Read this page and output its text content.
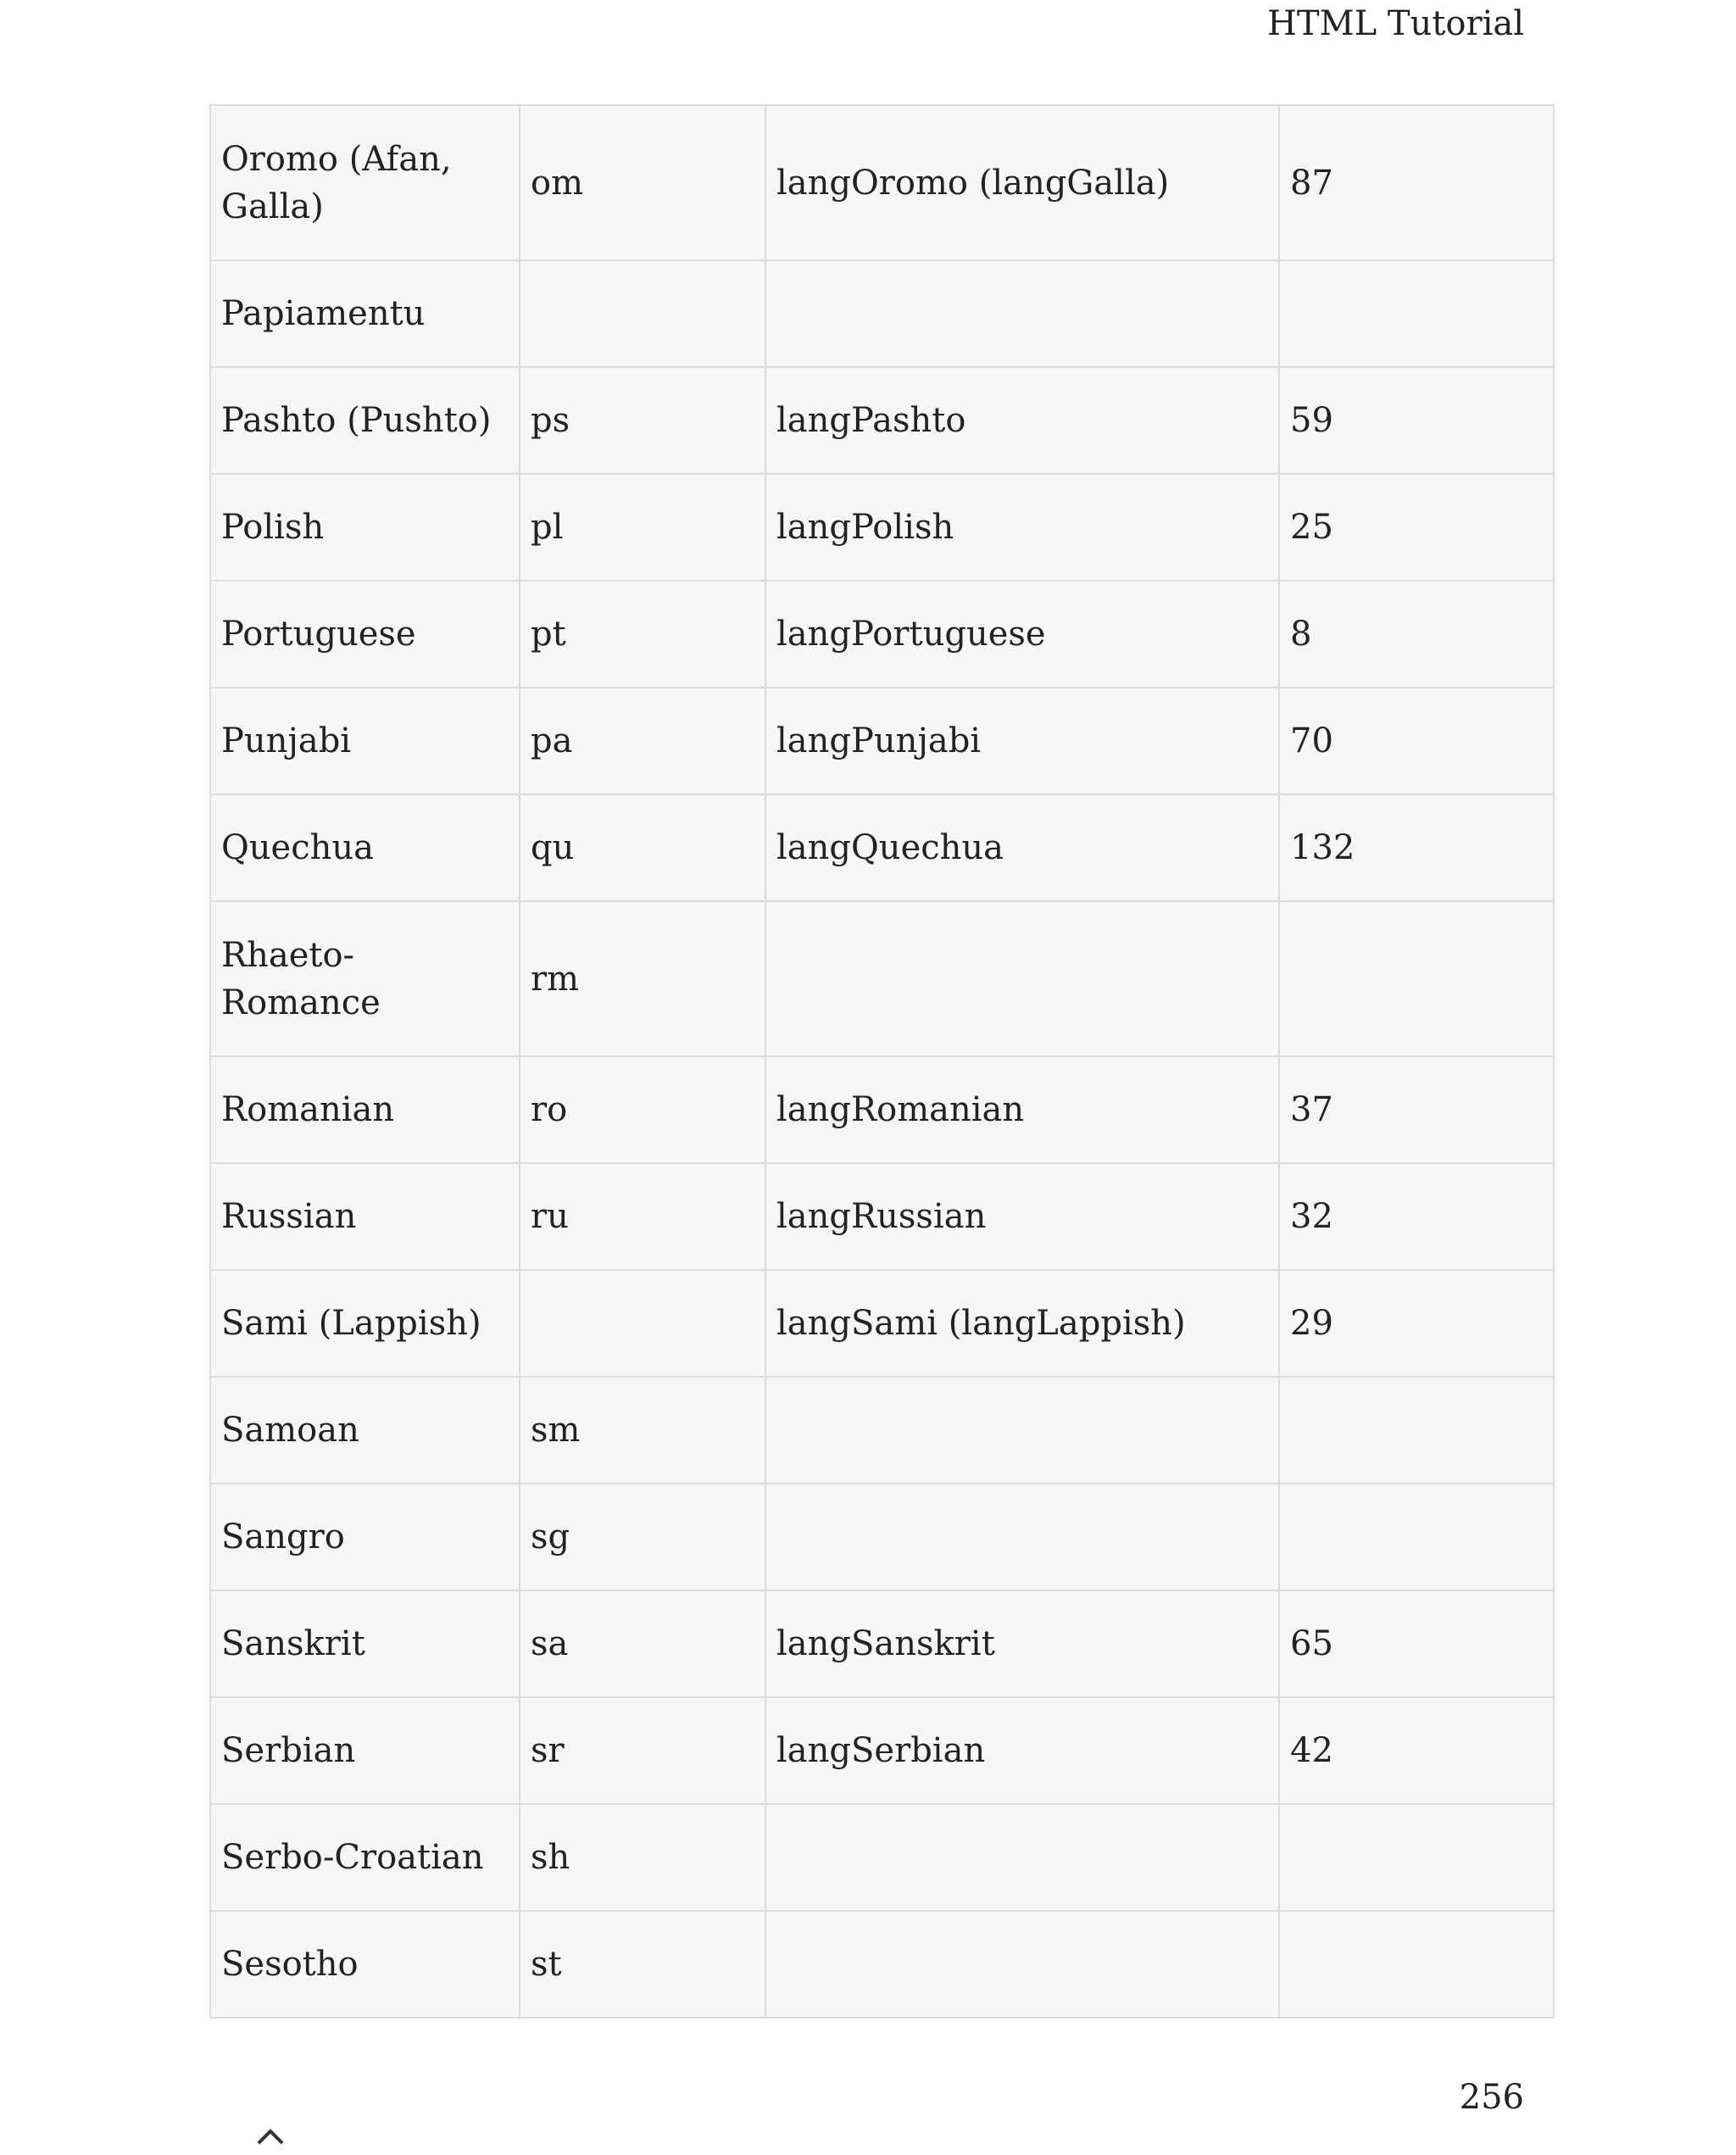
HTML Tutorial
Oromo (Afan, Galla)	om	langOromo (langGalla)	87
Papiamentu			
Pashto (Pushto)	ps	langPashto	59
Polish	pl	langPolish	25
Portuguese	pt	langPortuguese	8
Punjabi	pa	langPunjabi	70
Quechua	qu	langQuechua	132
Rhaeto-Romance	rm		
Romanian	ro	langRomanian	37
Russian	ru	langRussian	32
Sami (Lappish)		langSami (langLappish)	29
Samoan	sm		
Sangro	sg		
Sanskrit	sa	langSanskrit	65
Serbian	sr	langSerbian	42
Serbo-Croatian	sh		
Sesotho	st		
256
